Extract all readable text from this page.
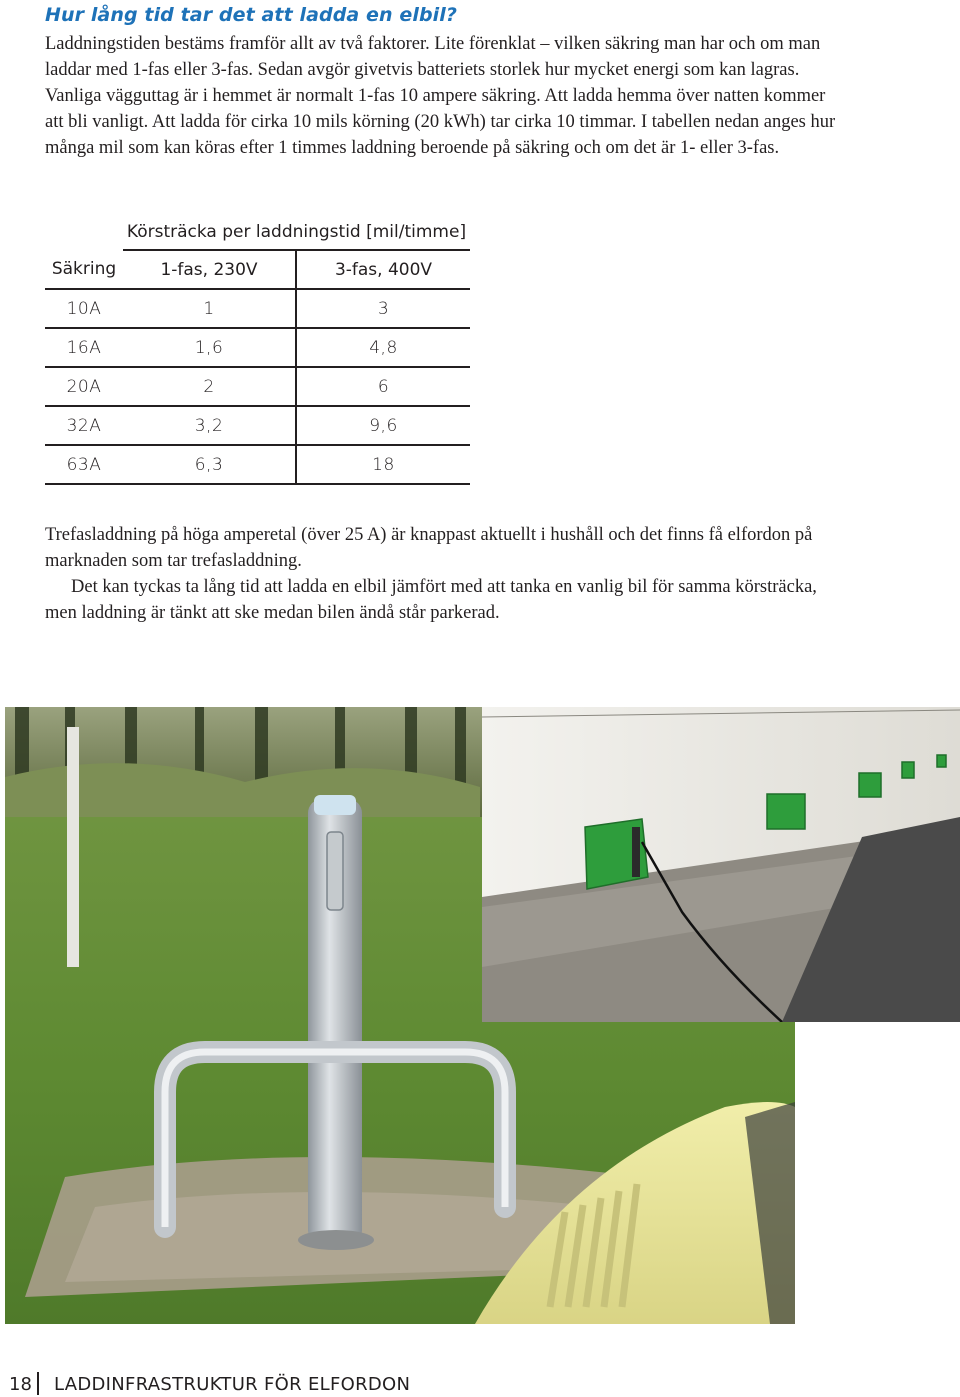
Hur lång tid tar det att ladda en elbil?

Laddningstiden bestäms framför allt av två faktorer. Lite förenklat – vilken säkring man har och om man laddar med 1-fas eller 3-fas. Sedan avgör givetvis batteriets storlek hur mycket energi som kan lagras. Vanliga vägguttag är i hemmet är normalt 1-fas 10 ampere säkring. Att ladda hemma över natten kommer att bli vanligt. Att ladda för cirka 10 mils körning (20 kWh) tar cirka 10 timmar. I tabellen nedan anges hur många mil som kan köras efter 1 timmes laddning beroende på säkring och om det är 1- eller 3-fas.

	Körsträcka per laddningstid [mil/timme]	
Säkring	1-fas, 230V	3-fas, 400V
10A	1	3
16A	1,6	4,8
20A	2	6
32A	3,2	9,6
63A	6,3	18

Trefasladdning på höga amperetal (över 25 A) är knappast aktuellt i hushåll och det finns få elfordon på marknaden som tar trefasladdning.

Det kan tyckas ta lång tid att ladda en elbil jämfört med att tanka en vanlig bil för samma körsträcka, men laddning är tänkt att ske medan bilen ändå står parkerad.

18 LADDINFRASTRUKTUR FÖR ELFORDON
